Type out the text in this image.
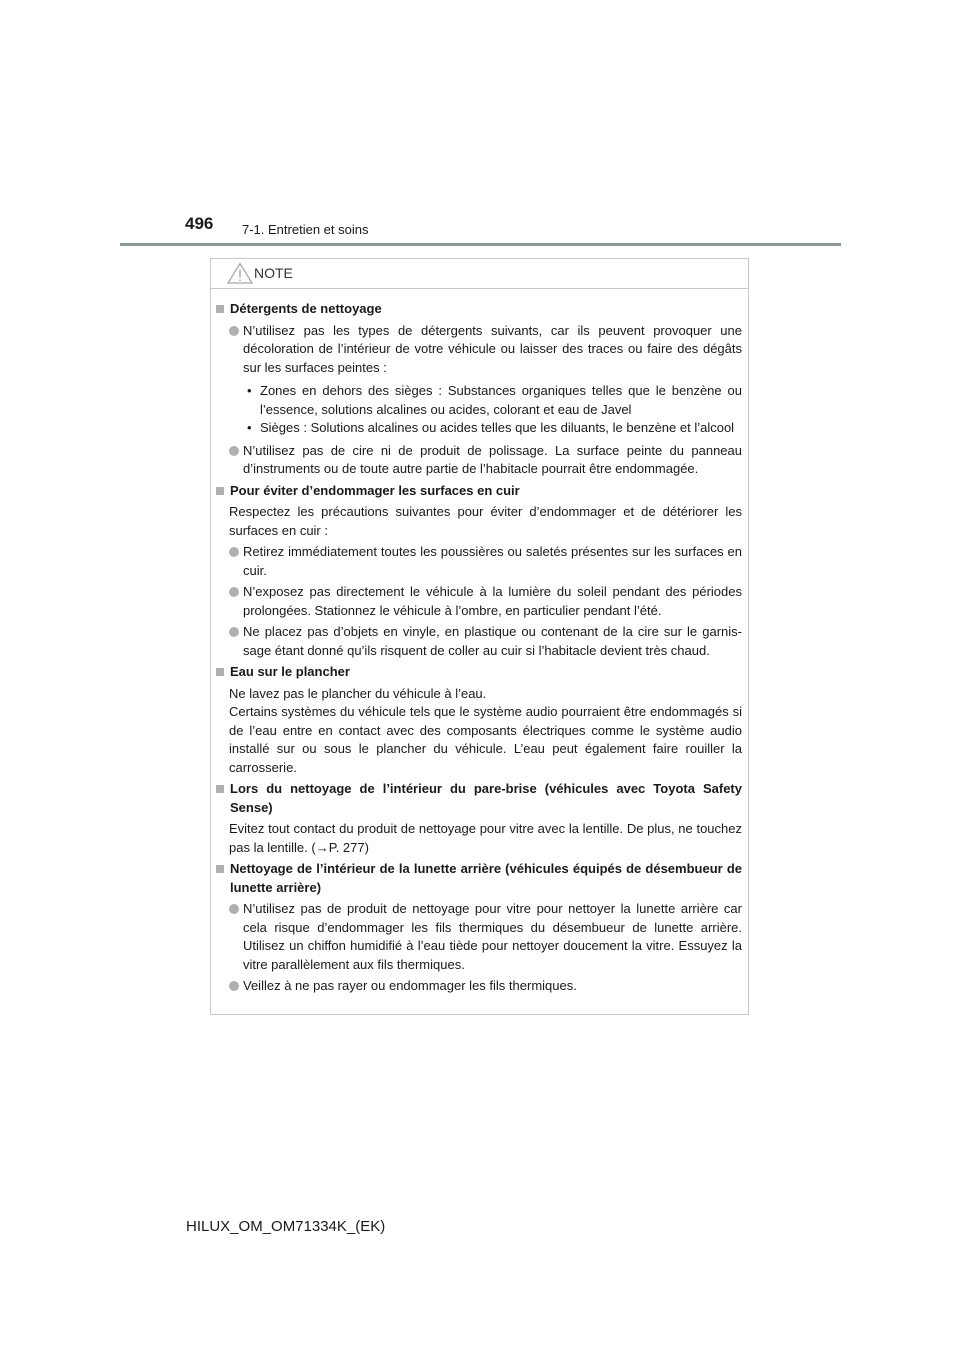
496 7-1. Entretien et soins
NOTE
Détergents de nettoyage
N’utilisez pas les types de détergents suivants, car ils peuvent provoquer une décoloration de l’intérieur de votre véhicule ou laisser des traces ou faire des dégâts sur les surfaces peintes :
• Zones en dehors des sièges : Substances organiques telles que le benzène ou l’essence, solutions alcalines ou acides, colorant et eau de Javel
• Sièges : Solutions alcalines ou acides telles que les diluants, le benzène et l’alcool
N’utilisez pas de cire ni de produit de polissage. La surface peinte du panneau d’instruments ou de toute autre partie de l’habitacle pourrait être endommagée.
Pour éviter d’endommager les surfaces en cuir
Respectez les précautions suivantes pour éviter d’endommager et de détériorer les surfaces en cuir :
Retirez immédiatement toutes les poussières ou saletés présentes sur les surfaces en cuir.
N’exposez pas directement le véhicule à la lumière du soleil pendant des périodes prolongées. Stationnez le véhicule à l’ombre, en particulier pendant l’été.
Ne placez pas d’objets en vinyle, en plastique ou contenant de la cire sur le garnissage étant donné qu’ils risquent de coller au cuir si l’habitacle devient très chaud.
Eau sur le plancher
Ne lavez pas le plancher du véhicule à l’eau.
Certains systèmes du véhicule tels que le système audio pourraient être endommagés si de l’eau entre en contact avec des composants électriques comme le système audio installé sur ou sous le plancher du véhicule. L’eau peut également faire rouiller la carrosserie.
Lors du nettoyage de l’intérieur du pare-brise (véhicules avec Toyota Safety Sense)
Evitez tout contact du produit de nettoyage pour vitre avec la lentille. De plus, ne touchez pas la lentille. (→P. 277)
Nettoyage de l’intérieur de la lunette arrière (véhicules équipés de désembueur de lunette arrière)
N’utilisez pas de produit de nettoyage pour vitre pour nettoyer la lunette arrière car cela risque d’endommager les fils thermiques du désembueur de lunette arrière. Utilisez un chiffon humidifié à l’eau tiède pour nettoyer doucement la vitre. Essuyez la vitre parallèlement aux fils thermiques.
Veillez à ne pas rayer ou endommager les fils thermiques.
HILUX_OM_OM71334K_(EK)
